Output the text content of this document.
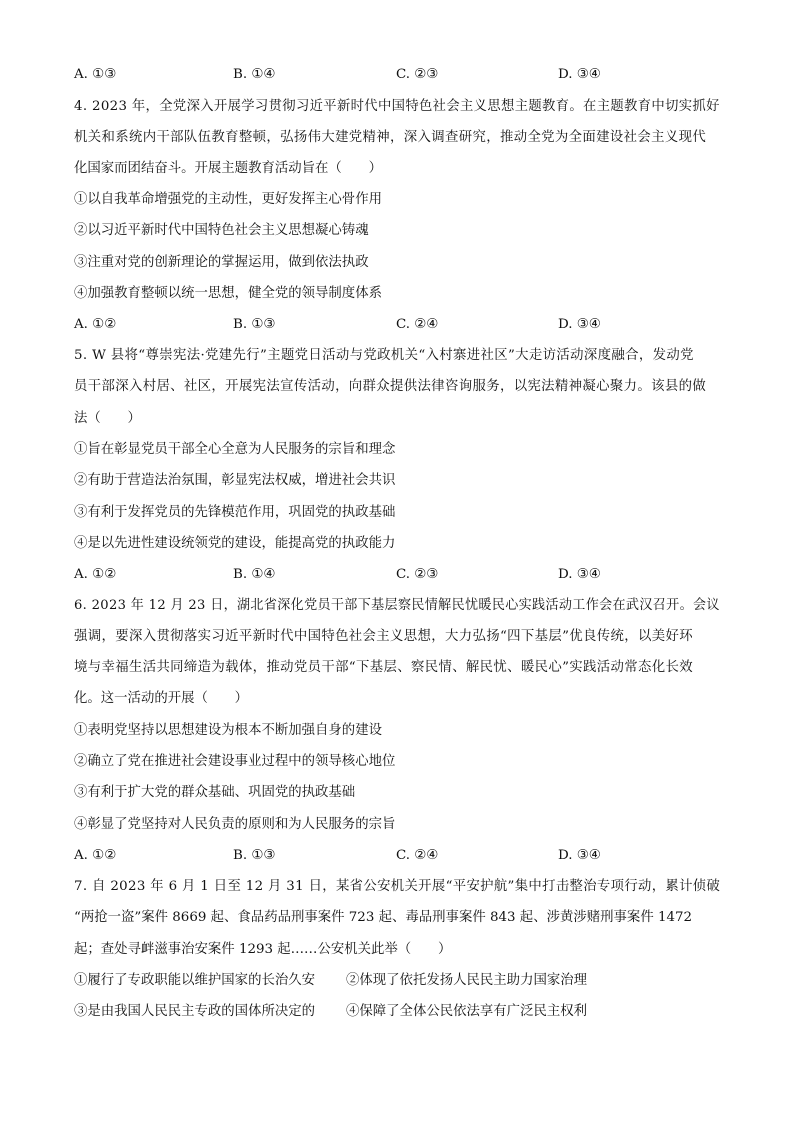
A. ①③	B. ①④	C. ②③	D. ③④
4. 2023 年，全党深入开展学习贯彻习近平新时代中国特色社会主义思想主题教育。在主题教育中切实抓好
机关和系统内干部队伍教育整顿，弘扬伟大建党精神，深入调查研究，推动全党为全面建设社会主义现代
化国家而团结奋斗。开展主题教育活动旨在（　　）
①以自我革命增强党的主动性，更好发挥主心骨作用
②以习近平新时代中国特色社会主义思想凝心铸魂
③注重对党的创新理论的掌握运用，做到依法执政
④加强教育整顿以统一思想，健全党的领导制度体系
A. ①②	B. ①③	C. ②④	D. ③④
5. W 县将“尊崇宪法·党建先行”主题党日活动与党政机关“入村寨进社区”大走访活动深度融合，发动党
员干部深入村居、社区，开展宪法宣传活动，向群众提供法律咨询服务，以宪法精神凝心聚力。该县的做
法（　　）
①旨在彰显党员干部全心全意为人民服务的宗旨和理念
②有助于营造法治氛围，彰显宪法权威，增进社会共识
③有利于发挥党员的先锋模范作用，巩固党的执政基础
④是以先进性建设统领党的建设，能提高党的执政能力
A. ①②	B. ①④	C. ②③	D. ③④
6. 2023 年 12 月 23 日，湖北省深化党员干部下基层察民情解民忧暖民心实践活动工作会在武汉召开。会议
强调，要深入贯彻落实习近平新时代中国特色社会主义思想，大力弘扬“四下基层”优良传统，以美好环
境与幸福生活共同缔造为载体，推动党员干部“下基层、察民情、解民忧、暖民心”实践活动常态化长效
化。这一活动的开展（　　）
①表明党坚持以思想建设为根本不断加强自身的建设
②确立了党在推进社会建设事业过程中的领导核心地位
③有利于扩大党的群众基础、巩固党的执政基础
④彰显了党坚持对人民负责的原则和为人民服务的宗旨
A. ①②	B. ①③	C. ②④	D. ③④
7. 自 2023 年 6 月 1 日至 12 月 31 日，某省公安机关开展“平安护航”集中打击整治专项行动，累计侦破
“两抢一盗”案件 8669 起、食品药品刑事案件 723 起、毒品刑事案件 843 起、涉黄涉赌刑事案件 1472
起；查处寻衅滋事治安案件 1293 起……公安机关此举（　　）
①履行了专政职能以维护国家的长治久安 ②体现了依托发扬人民民主助力国家治理
③是由我国人民民主专政的国体所决定的 ④保障了全体公民依法享有广泛民主权利
